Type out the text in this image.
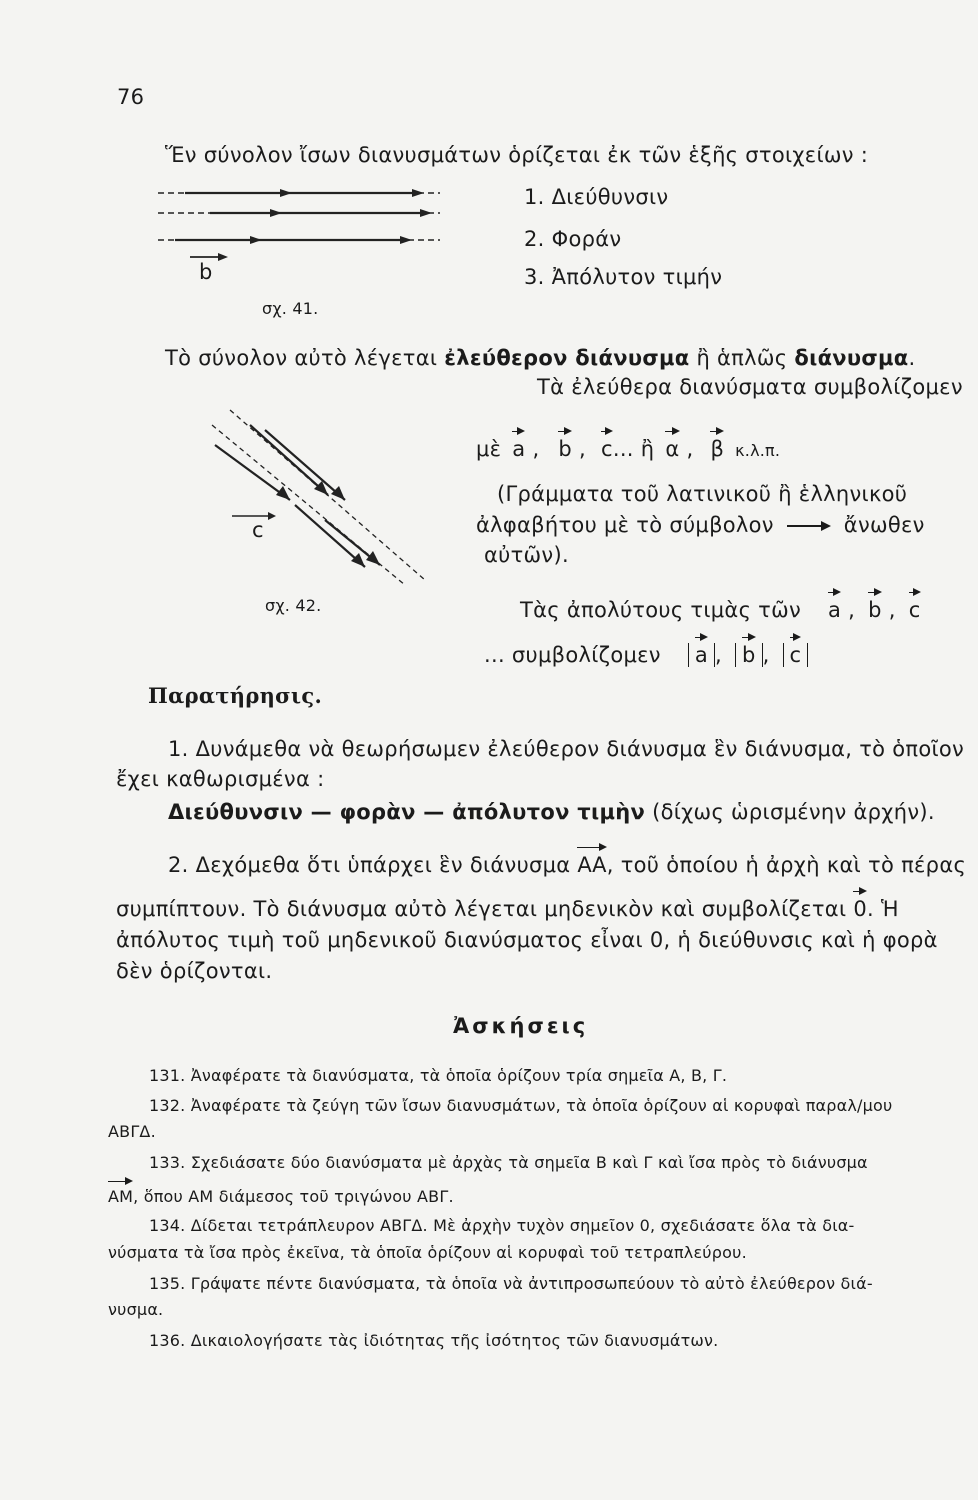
76
Ἕν σύνολον ἴσων διανυσμάτων ὁρίζεται ἐκ τῶν ἑξῆς στοιχείων :
b
σχ. 41.
1. Διεύθυνσιν
2. Φοράν
3. Ἀπόλυτον τιμήν
Τὸ σύνολον αὐτὸ λέγεται ἐλεύθερον διάνυσμα ἢ ἁπλῶς διάνυσμα.
c
σχ. 42.
Τὰ ἐλεύθερα διανύσματα συμβολίζομεν
μὲ a , b , c... ἢ α , β κ.λ.π.
(Γράμματα τοῦ λατινικοῦ ἢ ἑλληνικοῦ
ἀλφαβήτου μὲ τὸ σύμβολον	ἄνωθεν
αὐτῶν).
Τὰς ἀπολύτους τιμὰς τῶν a , b , c
... συμβολίζομεν a , b , c
Παρατήρησις.
1. Δυνάμεθα νὰ θεωρήσωμεν ἐλεύθερον διάνυσμα ἓν διάνυσμα, τὸ ὁποῖον
ἔχει καθωρισμένα :
Διεύθυνσιν — φορὰν — ἀπόλυτον τιμὴν (δίχως ὡρισμένην ἀρχήν).
2. Δεχόμεθα ὅτι ὑπάρχει ἓν διάνυσμα ΑΑ, τοῦ ὁποίου ἡ ἀρχὴ καὶ τὸ πέρας
συμπίπτουν. Τὸ διάνυσμα αὐτὸ λέγεται μηδενικὸν καὶ συμβολίζεται 0. Ἡ
ἀπόλυτος τιμὴ τοῦ μηδενικοῦ διανύσματος εἶναι 0, ἡ διεύθυνσις καὶ ἡ φορὰ
δὲν ὁρίζονται.
Ἀσκήσεις
131. Ἀναφέρατε τὰ διανύσματα, τὰ ὁποῖα ὁρίζουν τρία σημεῖα Α, Β, Γ.
132. Ἀναφέρατε τὰ ζεύγη τῶν ἴσων διανυσμάτων, τὰ ὁποῖα ὁρίζουν αἱ κορυφαὶ παραλ/μου
ΑΒΓΔ.
133. Σχεδιάσατε δύο διανύσματα μὲ ἀρχὰς τὰ σημεῖα Β καὶ Γ καὶ ἴσα πρὸς τὸ διάνυσμα
ΑΜ, ὅπου ΑΜ διάμεσος τοῦ τριγώνου ΑΒΓ.
134. Δίδεται τετράπλευρον ΑΒΓΔ. Μὲ ἀρχὴν τυχὸν σημεῖον 0, σχεδιάσατε ὅλα τὰ δια-
νύσματα τὰ ἴσα πρὸς ἐκεῖνα, τὰ ὁποῖα ὁρίζουν αἱ κορυφαὶ τοῦ τετραπλεύρου.
135. Γράψατε πέντε διανύσματα, τὰ ὁποῖα νὰ ἀντιπροσωπεύουν τὸ αὐτὸ ἐλεύθερον διά-
νυσμα.
136. Δικαιολογήσατε τὰς ἰδιότητας τῆς ἰσότητος τῶν διανυσμάτων.
